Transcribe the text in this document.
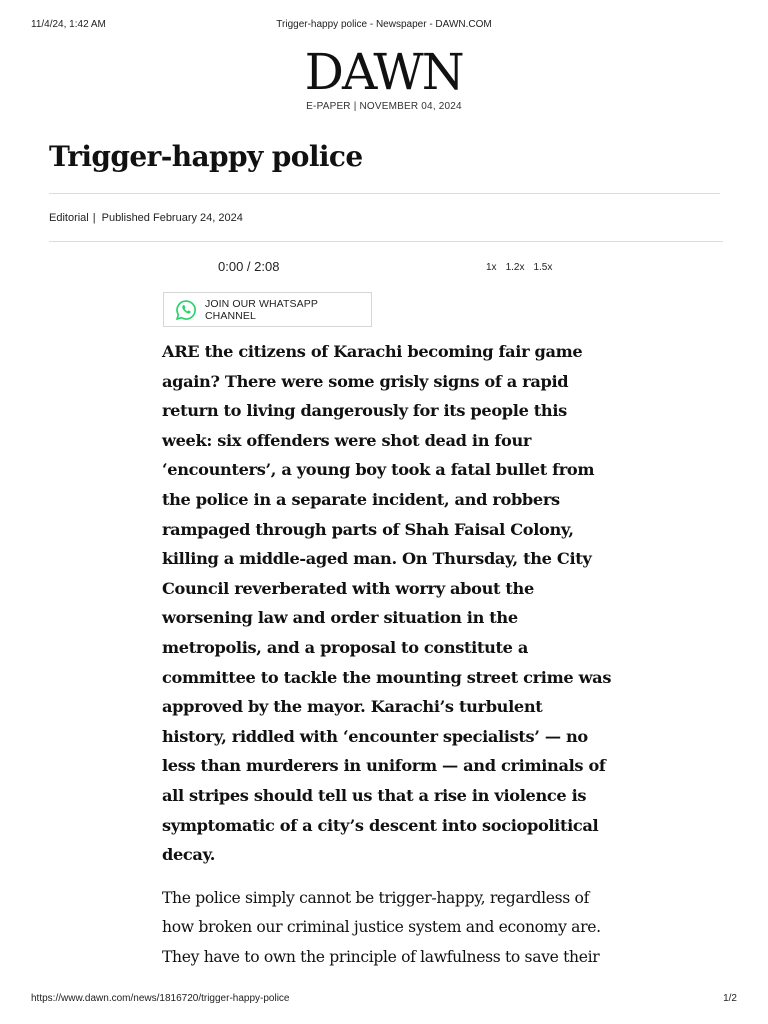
11/4/24, 1:42 AM	Trigger-happy police - Newspaper - DAWN.COM
DAWN
E-PAPER | NOVEMBER 04, 2024
Trigger-happy police
Editorial | Published February 24, 2024
0:00 / 2:08	1x 1.2x 1.5x
JOIN OUR WHATSAPP CHANNEL

ARE the citizens of Karachi becoming fair game again? There were some grisly signs of a rapid return to living dangerously for its people this week: six offenders were shot dead in four ‘encounters’, a young boy took a fatal bullet from the police in a separate incident, and robbers rampaged through parts of Shah Faisal Colony, killing a middle-aged man. On Thursday, the City Council reverberated with worry about the worsening law and order situation in the metropolis, and a proposal to constitute a committee to tackle the mounting street crime was approved by the mayor. Karachi’s turbulent history, riddled with ‘encounter specialists’ — no less than murderers in uniform — and criminals of all stripes should tell us that a rise in violence is symptomatic of a city’s descent into sociopolitical decay.

The police simply cannot be trigger-happy, regardless of how broken our criminal justice system and economy are. They have to own the principle of lawfulness to save their

https://www.dawn.com/news/1816720/trigger-happy-police	1/2
